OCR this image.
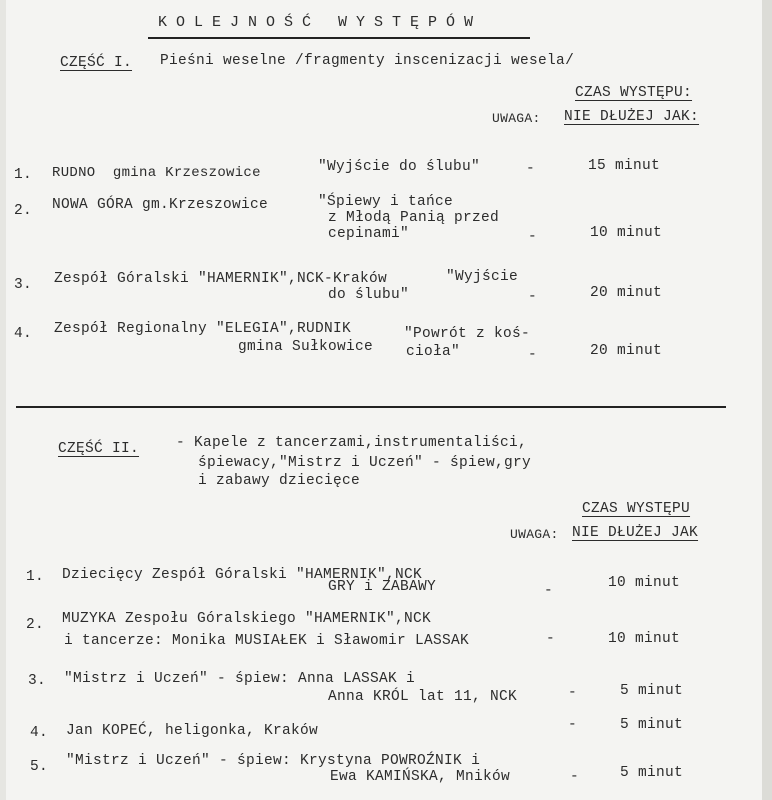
KOLEJNOŚĆ WYSTĘPÓW
CZĘŚĆ I. Pieśni weselne /fragmenty inscenizacji wesela/
CZAS WYSTĘPU:
UWAGA: NIE DŁUŻEJ JAK:
1. RUDNO  gmina Krzeszowice	"Wyjście do ślubu"	-	15 minut
2. NOWA GÓRA gm.Krzeszowice	"Śpiewy i tańce
z Młodą Panią przed
cepinami"	-	10 minut
3. Zespół Góralski "HAMERNIK",NCK-Kraków	"Wyjście
do ślubu"	-	20 minut
4. Zespół Regionalny "ELEGIA",RUDNIK
gmina Sułkowice
"Powrót z koś-
cioła"	-	20 minut
CZĘŚĆ II.	- Kapele z tancerzami,instrumentaliści,
śpiewacy,"Mistrz i Uczeń" - śpiew,gry
i zabawy dziecięce
CZAS WYSTĘPU
UWAGA: NIE DŁUŻEJ JAK
1. Dziecięcy Zespół Góralski "HAMERNIK",NCK
GRY i ZABAWY	-	10 minut
2. MUZYKA Zespołu Góralskiego "HAMERNIK",NCK
i tancerze: Monika MUSIAŁEK i Sławomir LASSAK	-	10 minut
3. "Mistrz i Uczeń" - śpiew: Anna LASSAK i
Anna KRÓL lat 11, NCK	-	5 minut
4. Jan KOPEĆ, heligonka, Kraków	-	5 minut
5. "Mistrz i Uczeń" - śpiew: Krystyna POWROŹNIK i
Ewa KAMIŃSKA, Mników	-	5 minut
